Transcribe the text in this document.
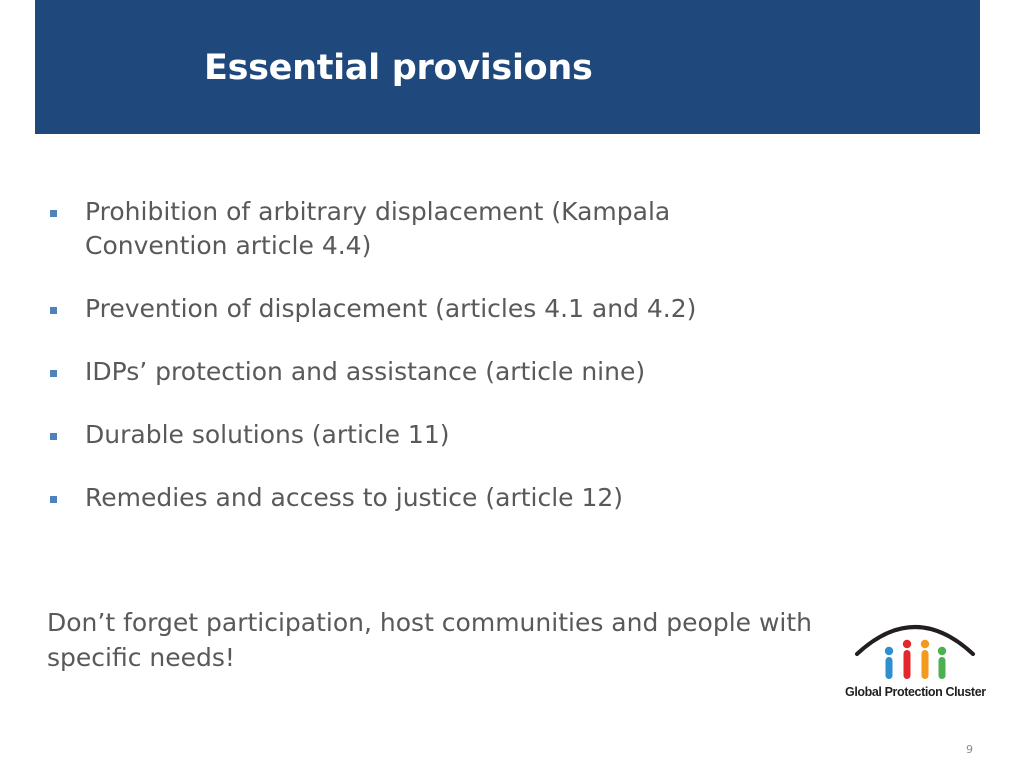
Essential provisions
Prohibition of arbitrary displacement (Kampala Convention article 4.4)
Prevention of displacement (articles 4.1 and 4.2)
IDPs’ protection and assistance (article nine)
Durable solutions (article 11)
Remedies and access to justice (article 12)

Don’t forget participation, host communities and people with specific needs!

Global Protection Cluster
9
